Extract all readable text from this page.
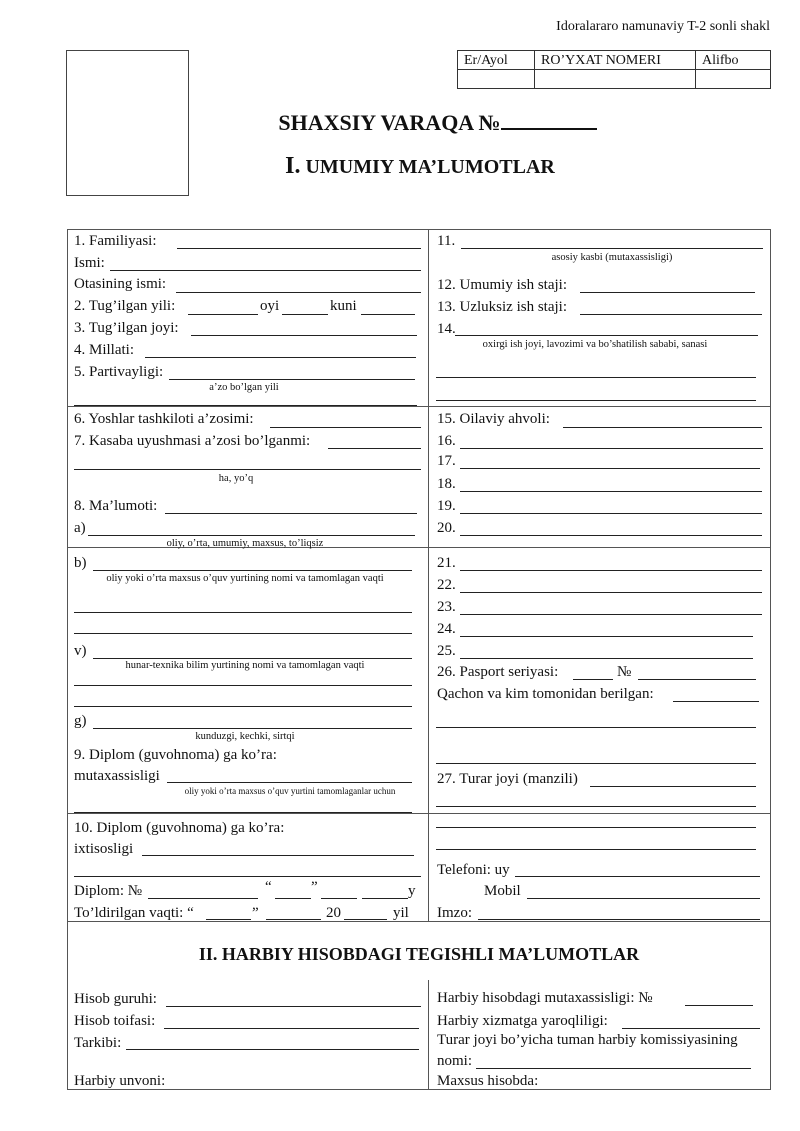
Idoralararo namunaviy T-2 sonli shakl
Er/Ayol	RO’YXAT NOMERI	Alifbo

SHAXSIY VARAQA №
I. UMUMIY MA’LUMOTLAR
1. Familiyasi:
Ismi:
Otasining ismi:
2. Tug’ilgan yili:	oyi	kuni
3. Tug’ilgan joyi:
4. Millati:
5. Partivayligi:
a’zo bo’lgan yili
6. Yoshlar tashkiloti a’zosimi:
7. Kasaba uyushmasi a’zosi bo’lganmi:
ha, yo’q
8. Ma’lumoti:
a)
oliy, o’rta, umumiy, maxsus, to’liqsiz
b)
oliy yoki o’rta maxsus o’quv yurtining nomi va tamomlagan vaqti
v)
hunar-texnika bilim yurtining nomi va tamomlagan vaqti
g)
kunduzgi, kechki, sirtqi
9. Diplom (guvohnoma) ga ko’ra:
mutaxassisligi
oliy yoki o’rta maxsus o’quv yurtini tamomlaganlar uchun
10. Diplom (guvohnoma) ga ko’ra:
ixtisosligi
Diplom: №	“	”	y
To’ldirilgan vaqti: “	”	20	yil
11.
asosiy kasbi (mutaxassisligi)
12. Umumiy ish staji:
13. Uzluksiz ish staji:
14.
oxirgi ish joyi, lavozimi va bo’shatilish sababi, sanasi
15. Oilaviy ahvoli:
16.
17.
18.
19.
20.
21.
22.
23.
24.
25.
26. Pasport seriyasi:	№
Qachon va kim tomonidan berilgan:
27. Turar joyi (manzili)
Telefoni: uy
Mobil
Imzo:
II. HARBIY HISOBDAGI TEGISHLI MA’LUMOTLAR
Hisob guruhi:
Hisob toifasi:
Tarkibi:
Harbiy unvoni:
Harbiy hisobdagi mutaxassisligi: №
Harbiy xizmatga yaroqliligi:
Turar joyi bo’yicha tuman harbiy komissiyasining
nomi:
Maxsus hisobda:
